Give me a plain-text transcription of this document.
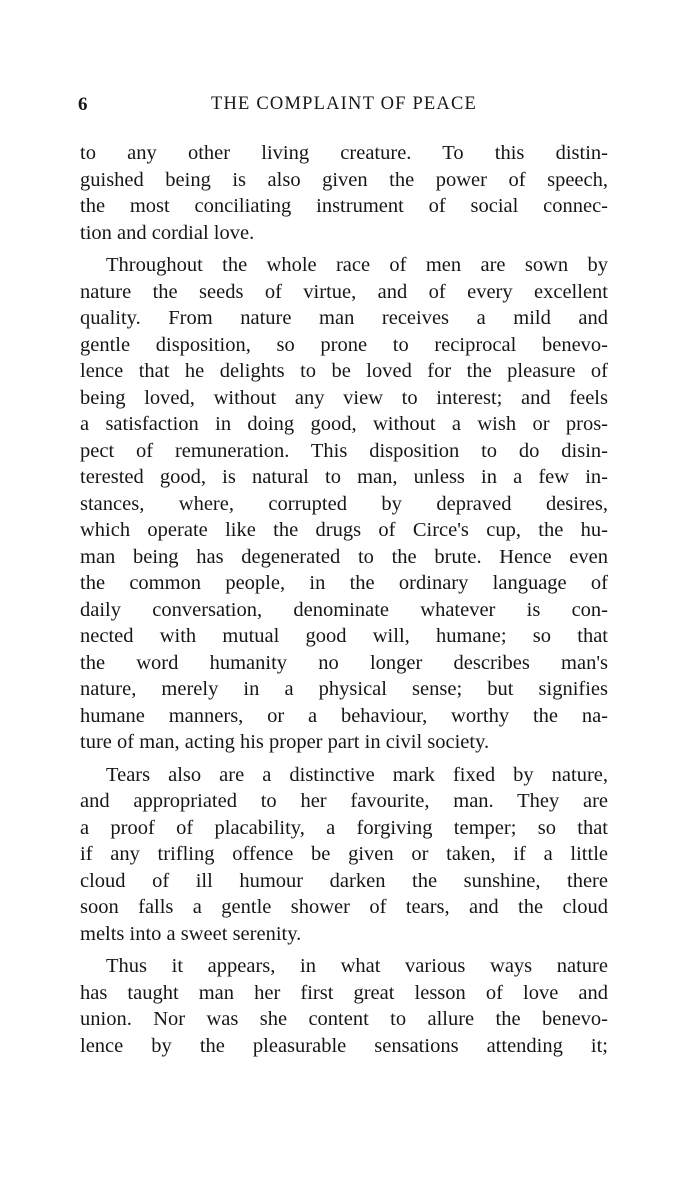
6	THE COMPLAINT OF PEACE
to any other living creature. To this distin-
guished being is also given the power of speech,
the most conciliating instrument of social connec-
tion and cordial love.
Throughout the whole race of men are sown by
nature the seeds of virtue, and of every excellent
quality. From nature man receives a mild and
gentle disposition, so prone to reciprocal benevo-
lence that he delights to be loved for the pleasure of
being loved, without any view to interest; and feels
a satisfaction in doing good, without a wish or pros-
pect of remuneration. This disposition to do disin-
terested good, is natural to man, unless in a few in-
stances, where, corrupted by depraved desires,
which operate like the drugs of Circe's cup, the hu-
man being has degenerated to the brute. Hence even
the common people, in the ordinary language of
daily conversation, denominate whatever is con-
nected with mutual good will, humane; so that
the word humanity no longer describes man's
nature, merely in a physical sense; but signifies
humane manners, or a behaviour, worthy the na-
ture of man, acting his proper part in civil society.
Tears also are a distinctive mark fixed by nature,
and appropriated to her favourite, man. They are
a proof of placability, a forgiving temper; so that
if any trifling offence be given or taken, if a little
cloud of ill humour darken the sunshine, there
soon falls a gentle shower of tears, and the cloud
melts into a sweet serenity.
Thus it appears, in what various ways nature
has taught man her first great lesson of love and
union. Nor was she content to allure the benevo-
lence by the pleasurable sensations attending it;
